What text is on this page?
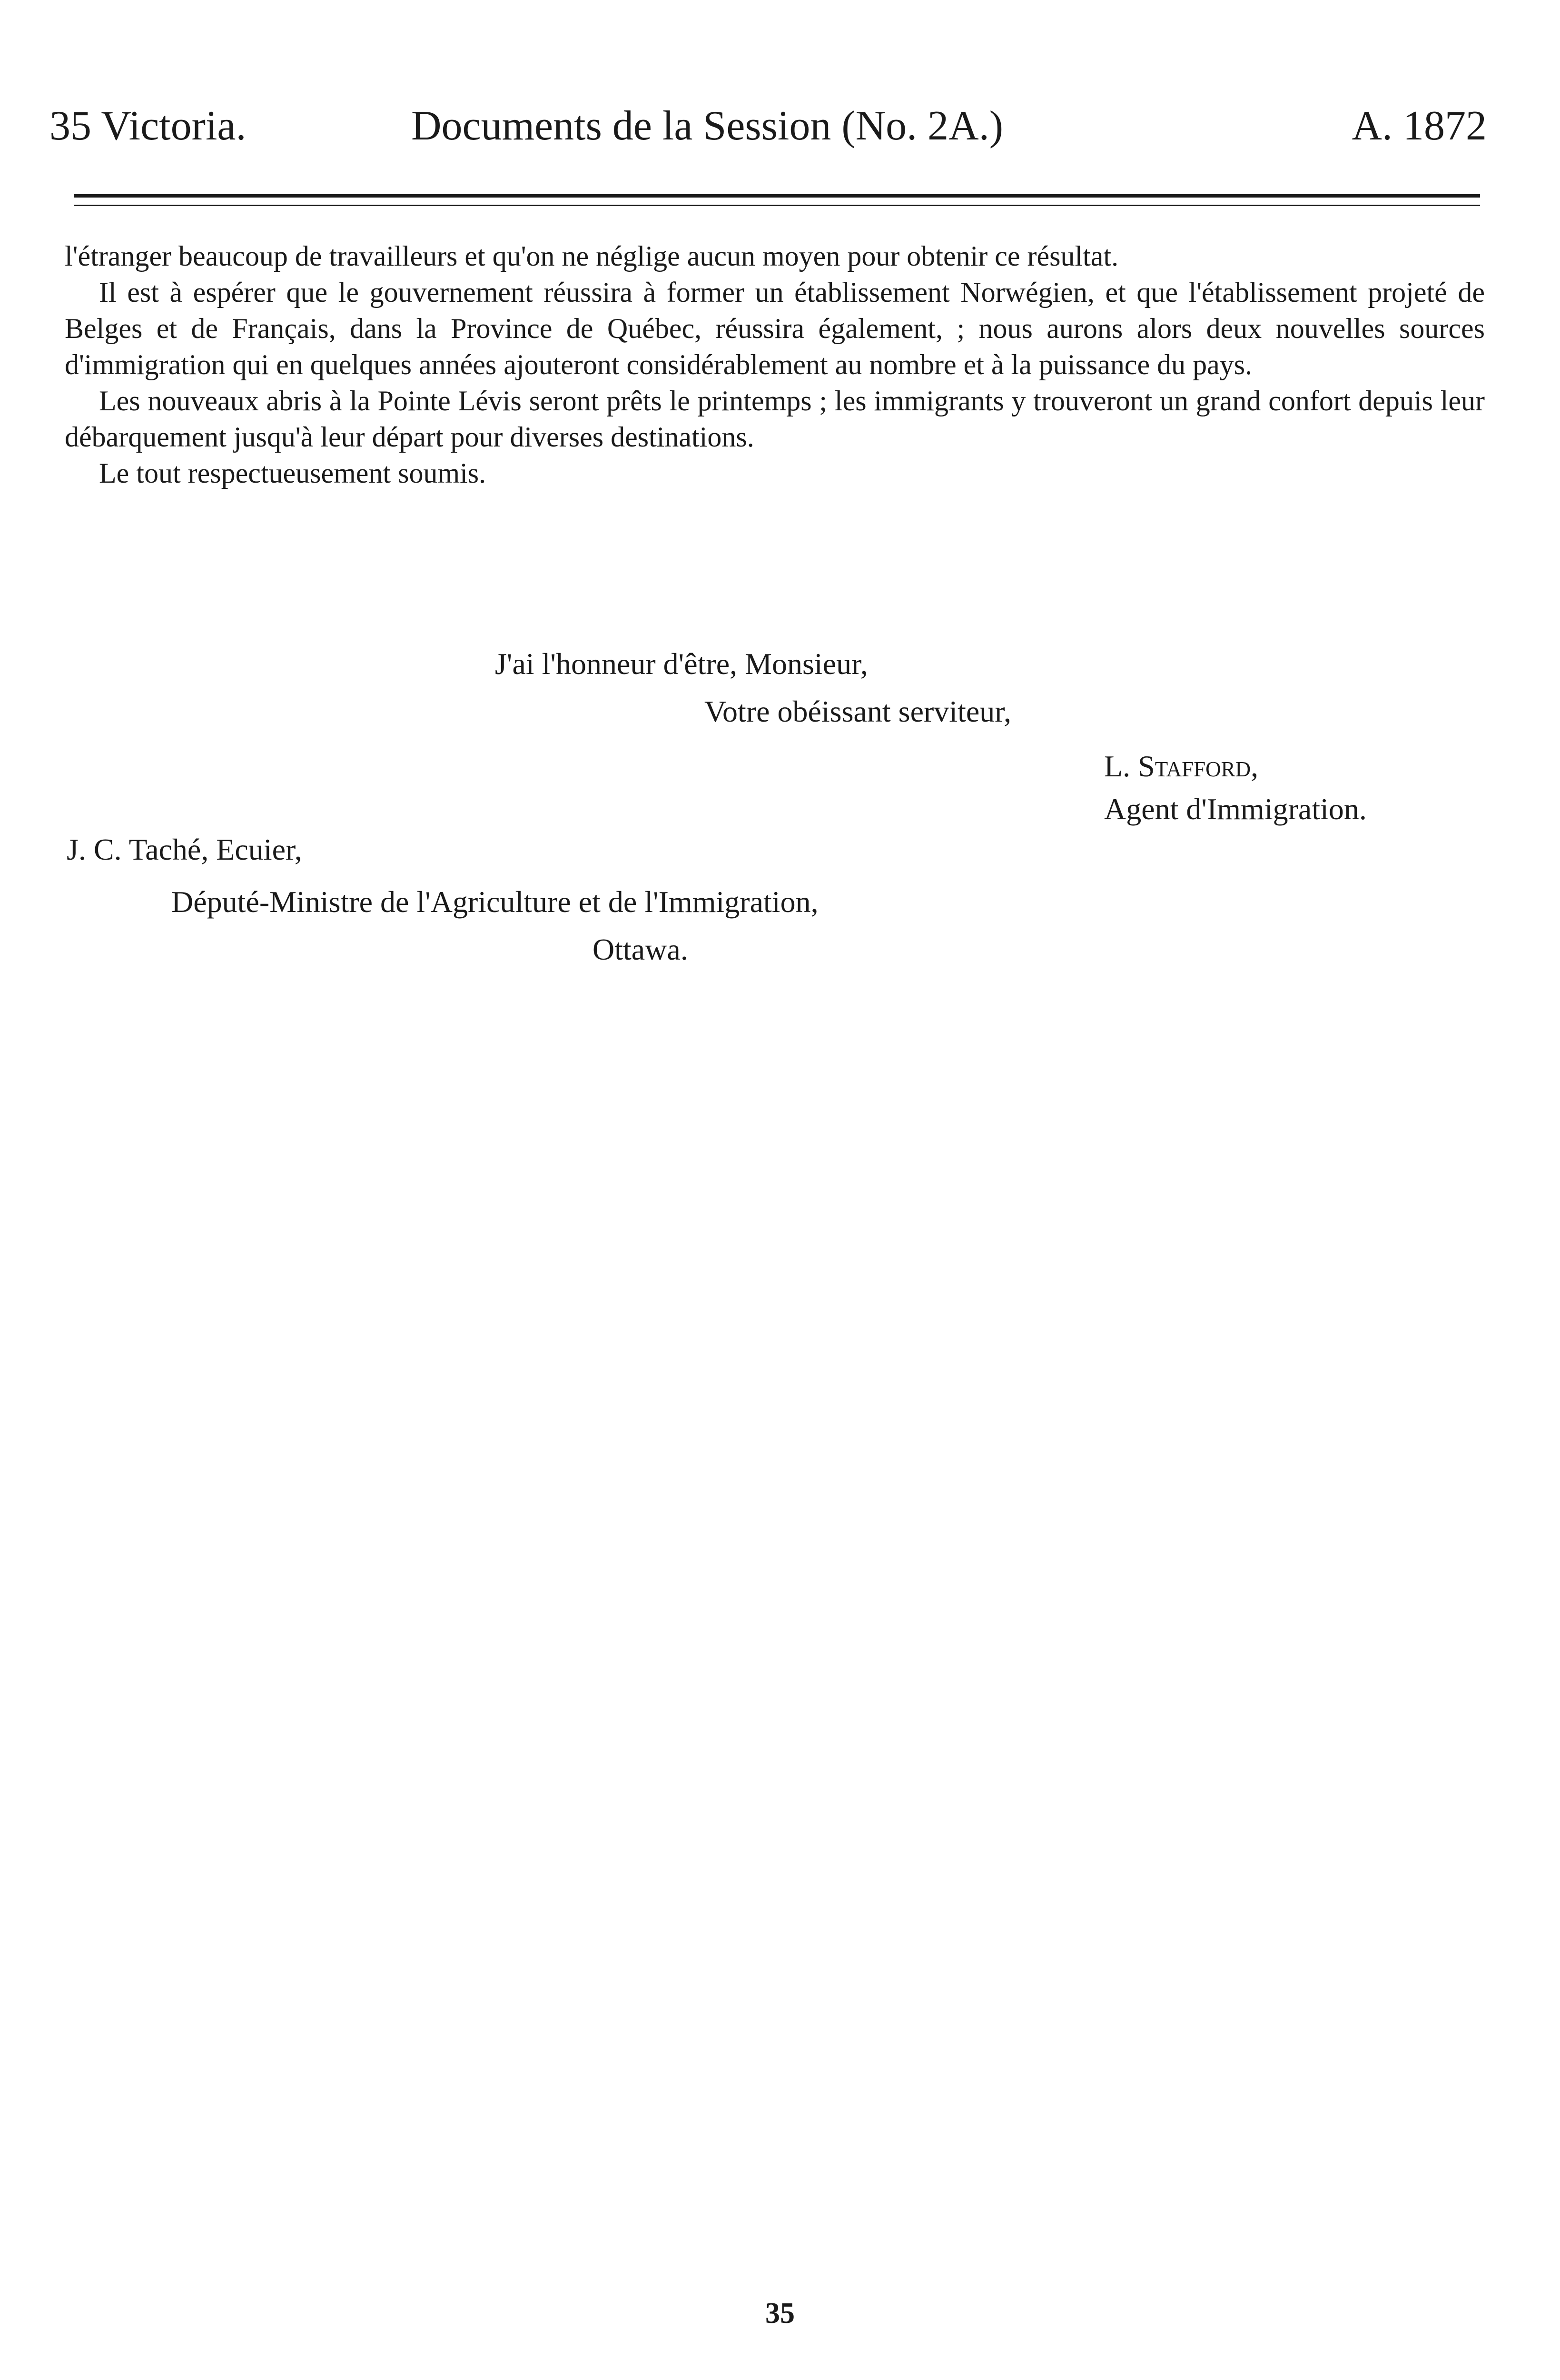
35 Victoria.	Documents de la Session (No. 2A.)	A. 1872

l'étranger beaucoup de travailleurs et qu'on ne néglige aucun moyen pour obtenir ce résultat.

Il est à espérer que le gouvernement réussira à former un établissement Norwégien, et que l'établissement projeté de Belges et de Français, dans la Province de Québec, réussira également, ; nous aurons alors deux nouvelles sources d'immigration qui en quelques années ajouteront considérablement au nombre et à la puissance du pays.

Les nouveaux abris à la Pointe Lévis seront prêts le printemps ; les immigrants y trouveront un grand confort depuis leur débarquement jusqu'à leur départ pour diverses destinations.

Le tout respectueusement soumis.

J'ai l'honneur d'être, Monsieur,
Votre obéissant serviteur,
L. Stafford,
Agent d'Immigration.
J. C. Taché, Ecuier,
Député-Ministre de l'Agriculture et de l'Immigration,
Ottawa.
35
